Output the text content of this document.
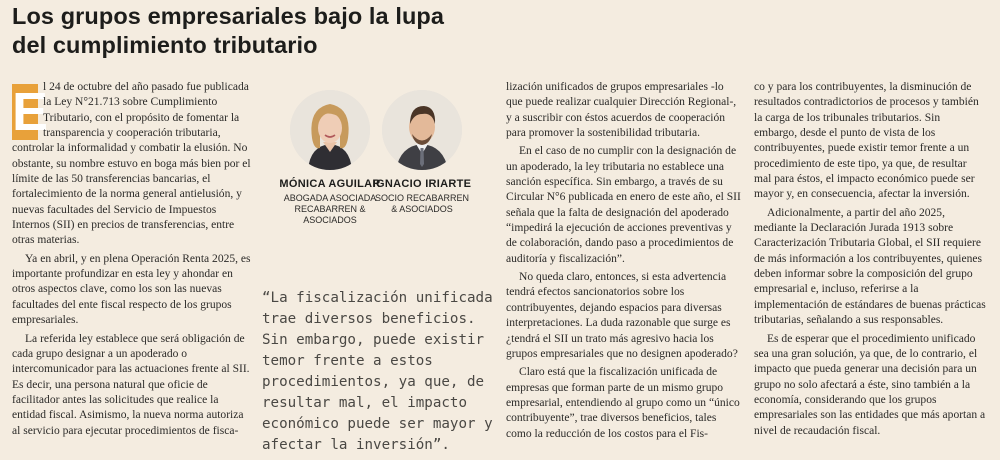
Los grupos empresariales bajo la lupa
del cumplimiento tributario

E
l 24 de octubre del año pasado fue publicada la Ley N°21.713 sobre Cumplimiento Tributario, con el propósito de fomentar la transparencia y cooperación tributaria, controlar la informalidad y combatir la elusión. No obstante, su nombre estuvo en boga más bien por el límite de las 50 transferencias bancarias, el fortalecimiento de la norma general antielusión, y nuevas facultades del Servicio de Impuestos Internos (SII) en precios de transferencias, entre otras materias.

Ya en abril, y en plena Operación Renta 2025, es importante profundizar en esta ley y ahondar en otros aspectos clave, como los son las nuevas facultades del ente fiscal respecto de los grupos empresariales.

La referida ley establece que será obligación de cada grupo designar a un apoderado o intercomunicador para las actuaciones frente al SII. Es decir, una persona natural que oficie de facilitador antes las solicitudes que realice la entidad fiscal. Asimismo, la nueva norma autoriza al servicio para ejecutar procedimientos de fisca-

MÓNICA AGUILAR
ABOGADA ASOCIADA RECABARREN & ASOCIADOS
IGNACIO IRIARTE
SOCIO RECABARREN & ASOCIADOS

“La fiscalización unificada trae diversos beneficios. Sin embargo, puede existir temor frente a estos procedimientos, ya que, de resultar mal, el impacto económico puede ser mayor y afectar la inversión”.

lización unificados de grupos empresariales -lo que puede realizar cualquier Dirección Regional-, y a suscribir con éstos acuerdos de cooperación para promover la sostenibilidad tributaria.

En el caso de no cumplir con la designación de un apoderado, la ley tributaria no establece una sanción específica. Sin embargo, a través de su Circular N°6 publicada en enero de este año, el SII señala que la falta de designación del apoderado “impedirá la ejecución de acciones preventivas y de colaboración, dando paso a procedimientos de auditoría y fiscalización”.

No queda claro, entonces, si esta advertencia tendrá efectos sancionatorios sobre los contribuyentes, dejando espacios para diversas interpretaciones. La duda razonable que surge es ¿tendrá el SII un trato más agresivo hacia los grupos empresariales que no designen apoderado?

Claro está que la fiscalización unificada de empresas que forman parte de un mismo grupo empresarial, entendiendo al grupo como un “único contribuyente”, trae diversos beneficios, tales como la reducción de los costos para el Fis-

co y para los contribuyentes, la disminución de resultados contradictorios de procesos y también la carga de los tribunales tributarios. Sin embargo, desde el punto de vista de los contribuyentes, puede existir temor frente a un procedimiento de este tipo, ya que, de resultar mal para éstos, el impacto económico puede ser mayor y, en consecuencia, afectar la inversión.

Adicionalmente, a partir del año 2025, mediante la Declaración Jurada 1913 sobre Caracterización Tributaria Global, el SII requiere de más información a los contribuyentes, quienes deben informar sobre la composición del grupo empresarial e, incluso, referirse a la implementación de estándares de buenas prácticas tributarias, señalando a sus responsables.

Es de esperar que el procedimiento unificado sea una gran solución, ya que, de lo contrario, el impacto que pueda generar una decisión para un grupo no solo afectará a éste, sino también a la economía, considerando que los grupos empresariales son las entidades que más aportan a nivel de recaudación fiscal.
